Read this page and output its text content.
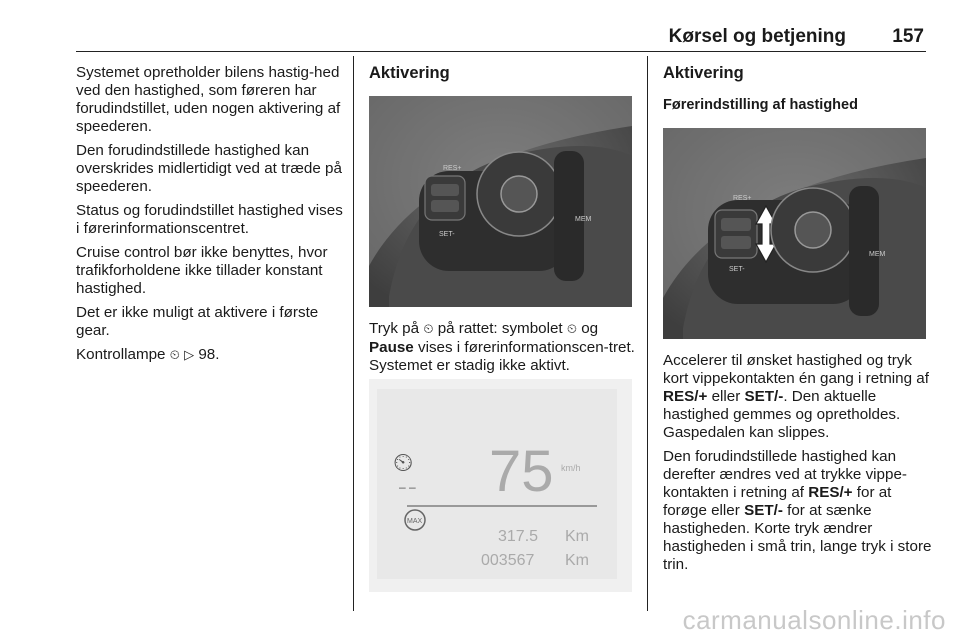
Kørsel og betjening 157

Systemet opretholder bilens hastig-hed ved den hastighed, som føreren har forudindstillet, uden nogen aktivering af speederen.

Den forudindstillede hastighed kan overskrides midlertidigt ved at træde på speederen.

Status og forudindstillet hastighed vises i førerinformationscentret.

Cruise control bør ikke benyttes, hvor trafikforholdene ikke tillader konstant hastighed.

Det er ikke muligt at aktivere i første gear.

Kontrollampe ⏲ ▷ 98.

Aktivering
RES+
SET-
MEM

Tryk på ⏲ på rattet: symbolet ⏲ og Pause vises i førerinformationscen-tret. Systemet er stadig ikke aktivt.

⏲
– – 75 km/h
MAX
317.5 Km
003567 Km
Aktivering
Førerindstilling af hastighed
RES+
SET-
MEM

Accelerer til ønsket hastighed og tryk kort vippekontakten én gang i retning af RES/+ eller SET/-. Den aktuelle hastighed gemmes og opretholdes. Gaspedalen kan slippes.

Den forudindstillede hastighed kan derefter ændres ved at trykke vippe-kontakten i retning af RES/+ for at forøge eller SET/- for at sænke hastigheden. Korte tryk ændrer hastigheden i små trin, lange tryk i store trin.

carmanualsonline.info
